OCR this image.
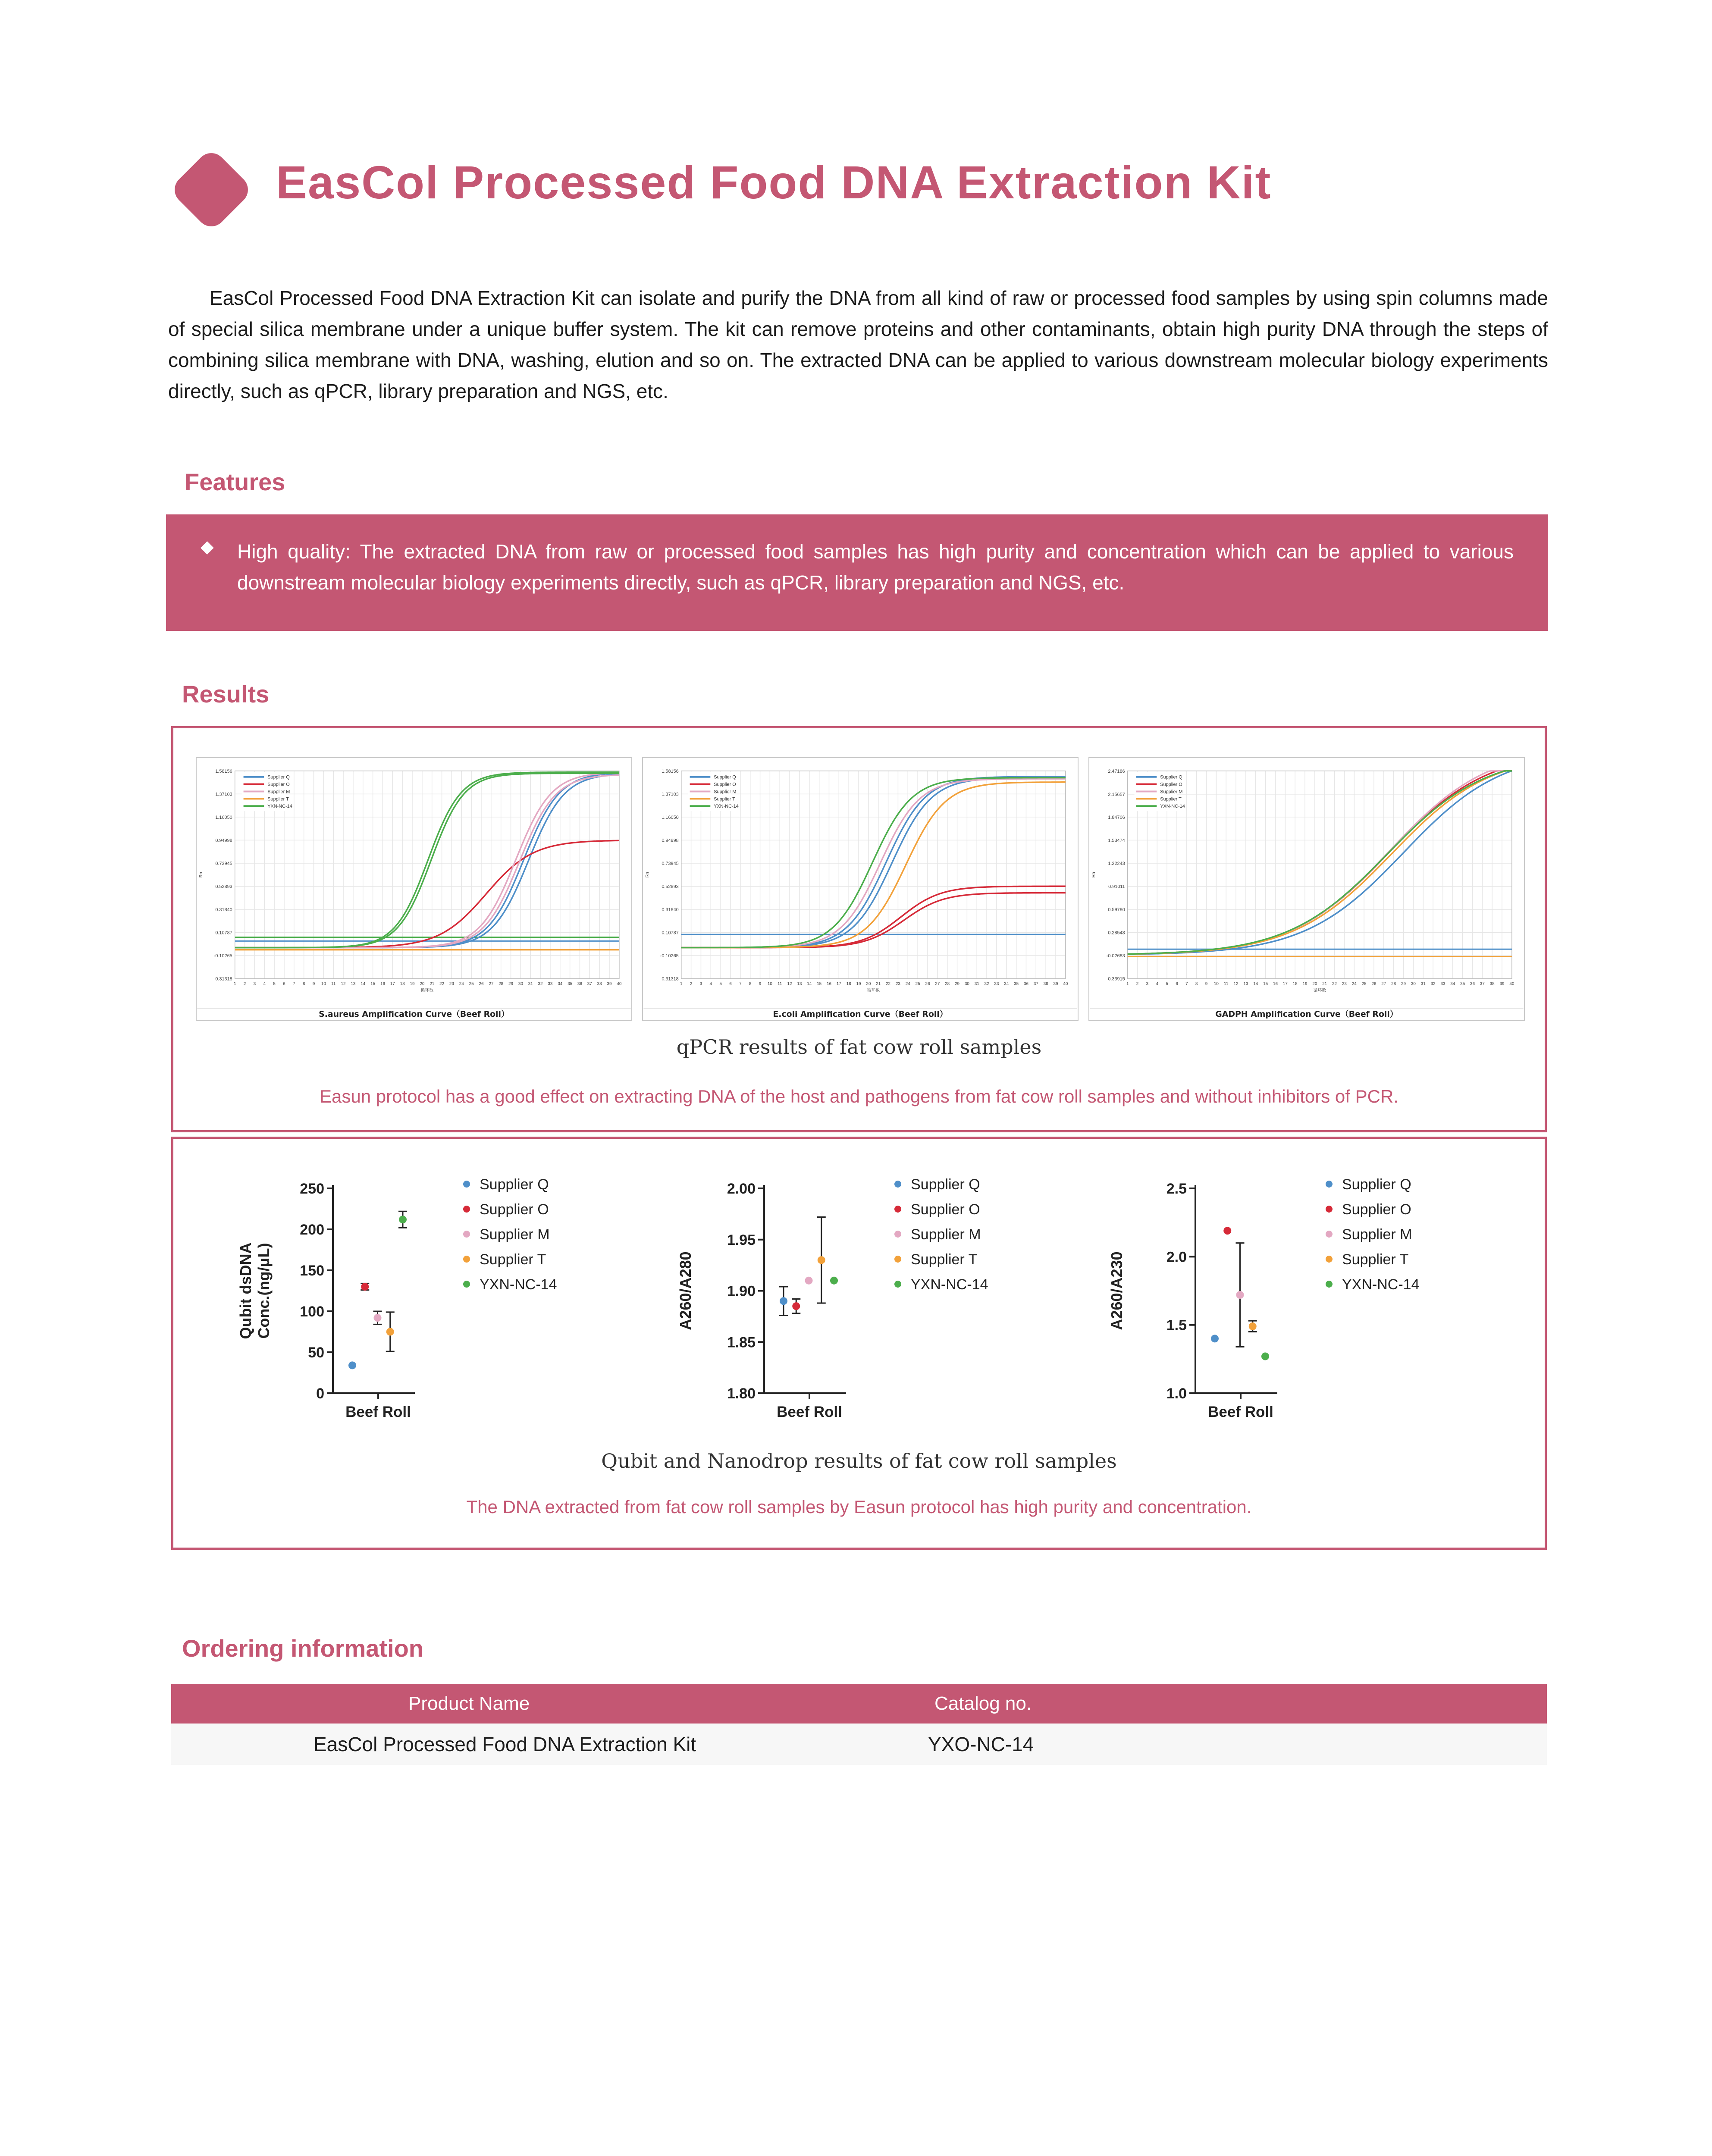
EasCol Processed Food DNA Extraction Kit

EasCol Processed Food DNA Extraction Kit can isolate and purify the DNA from all kind of raw or processed food samples by using spin columns made of special silica membrane under a unique buffer system. The kit can remove proteins and other contaminants, obtain high purity DNA through the steps of combining silica membrane with DNA, washing, elution and so on. The extracted DNA can be applied to various downstream molecular biology experiments directly, such as qPCR, library preparation and NGS, etc.

Features
◆ High quality: The extracted DNA from raw or processed food samples has high purity and concentration which can be applied to various downstream molecular biology experiments directly, such as qPCR, library preparation and NGS, etc.

Results
1.58156
1.37103
1.16050
0.94998
0.73945
0.52893
0.31840
0.10787
-0.10265
-0.31318
1 2 3 4 5 6 7 8 9 10 11 12 13 14 15 16 17 18 19 20 21 22 23 24 25 26 27 28 29 30 31 32 33 34 35 36 37 38 39 40
循环数
Rn
Supplier Q
Supplier O
Supplier M
Supplier T
YXN-NC-14
S.aureus Amplification Curve（Beef Roll）
1.58156
1.37103
1.16050
0.94998
0.73945
0.52893
0.31840
0.10787
-0.10265
-0.31318
1 2 3 4 5 6 7 8 9 10 11 12 13 14 15 16 17 18 19 20 21 22 23 24 25 26 27 28 29 30 31 32 33 34 35 36 37 38 39 40
循环数
Rn
Supplier Q
Supplier O
Supplier M
Supplier T
YXN-NC-14
E.coli Amplification Curve（Beef Roll）
2.47186
2.15657
1.84706
1.53474
1.22243
0.91011
0.59780
0.28548
-0.02683
-0.33915
1 2 3 4 5 6 7 8 9 10 11 12 13 14 15 16 17 18 19 20 21 22 23 24 25 26 27 28 29 30 31 32 33 34 35 36 37 38 39 40
循环数
Rn
Supplier Q
Supplier O
Supplier M
Supplier T
YXN-NC-14
GADPH Amplification Curve（Beef Roll）
qPCR results of fat cow roll samples
Easun protocol has a good effect on extracting DNA of the host and pathogens from fat cow roll samples and without inhibitors of PCR.
0
50
100
150
200
250
Beef Roll
Qubit dsDNA Conc.(ng/μL)
Supplier Q
Supplier O
Supplier M
Supplier T
YXN-NC-14
1.80
1.85
1.90
1.95
2.00
Beef Roll
A260/A280
Supplier Q
Supplier O
Supplier M
Supplier T
YXN-NC-14
1.0
1.5
2.0
2.5
Beef Roll
A260/A230
Supplier Q
Supplier O
Supplier M
Supplier T
YXN-NC-14
Qubit and Nanodrop results of fat cow roll samples
The DNA extracted from fat cow roll samples by Easun protocol has high purity and concentration.
Ordering information
Product Name	Catalog no.
EasCol Processed Food DNA Extraction Kit	YXO-NC-14
